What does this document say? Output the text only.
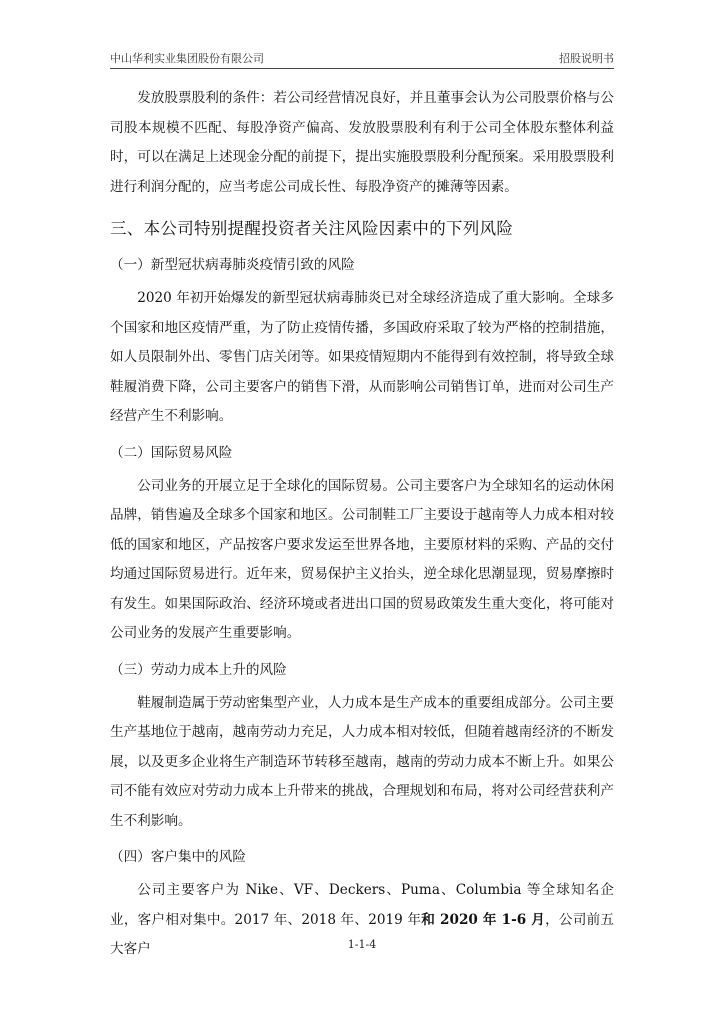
中山华利实业集团股份有限公司	招股说明书

发放股票股利的条件：若公司经营情况良好，并且董事会认为公司股票价格与公司股本规模不匹配、每股净资产偏高、发放股票股利有利于公司全体股东整体利益时，可以在满足上述现金分配的前提下，提出实施股票股利分配预案。采用股票股利进行利润分配的，应当考虑公司成长性、每股净资产的摊薄等因素。

三、本公司特别提醒投资者关注风险因素中的下列风险
（一）新型冠状病毒肺炎疫情引致的风险

2020 年初开始爆发的新型冠状病毒肺炎已对全球经济造成了重大影响。全球多个国家和地区疫情严重，为了防止疫情传播，多国政府采取了较为严格的控制措施，如人员限制外出、零售门店关闭等。如果疫情短期内不能得到有效控制，将导致全球鞋履消费下降，公司主要客户的销售下滑，从而影响公司销售订单，进而对公司生产经营产生不利影响。

（二）国际贸易风险

公司业务的开展立足于全球化的国际贸易。公司主要客户为全球知名的运动休闲品牌，销售遍及全球多个国家和地区。公司制鞋工厂主要设于越南等人力成本相对较低的国家和地区，产品按客户要求发运至世界各地，主要原材料的采购、产品的交付均通过国际贸易进行。近年来，贸易保护主义抬头，逆全球化思潮显现，贸易摩擦时有发生。如果国际政治、经济环境或者进出口国的贸易政策发生重大变化，将可能对公司业务的发展产生重要影响。

（三）劳动力成本上升的风险

鞋履制造属于劳动密集型产业，人力成本是生产成本的重要组成部分。公司主要生产基地位于越南，越南劳动力充足，人力成本相对较低，但随着越南经济的不断发展，以及更多企业将生产制造环节转移至越南，越南的劳动力成本不断上升。如果公司不能有效应对劳动力成本上升带来的挑战，合理规划和布局，将对公司经营获利产生不利影响。

（四）客户集中的风险

公司主要客户为 Nike、VF、Deckers、Puma、Columbia 等全球知名企业，客户相对集中。2017 年、2018 年、2019 年和 2020 年 1-6 月，公司前五大客户	1-1-4
